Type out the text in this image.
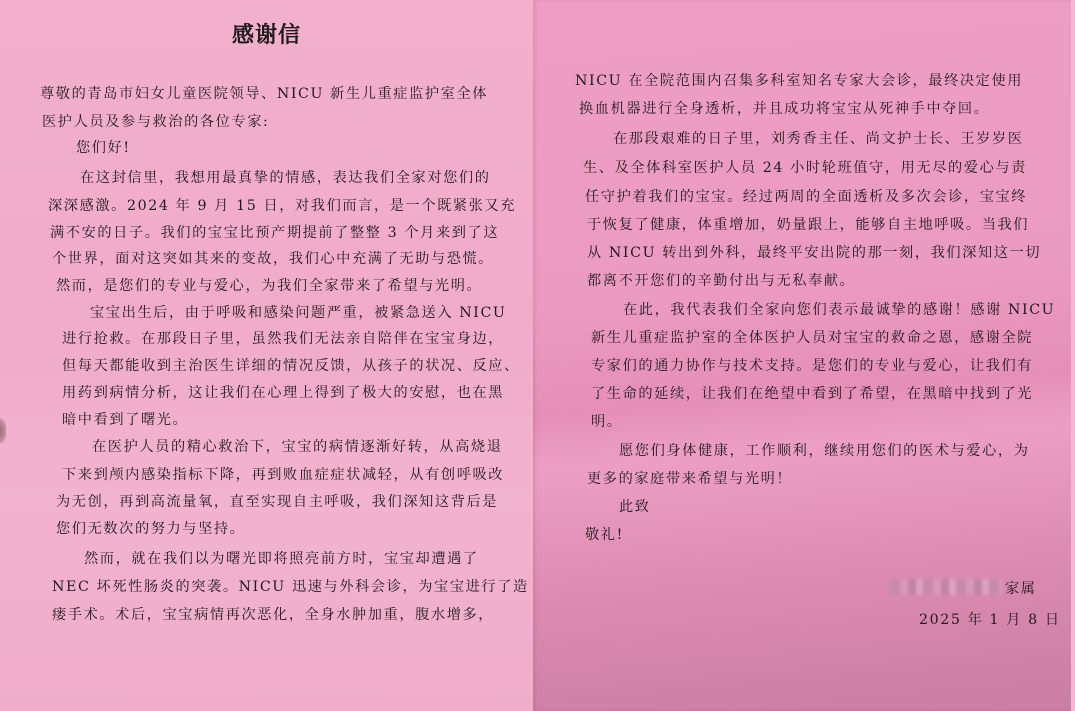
感谢信
尊敬的青岛市妇女儿童医院领导、NICU 新生儿重症监护室全体
医护人员及参与救治的各位专家:
您们好!
在这封信里，我想用最真挚的情感，表达我们全家对您们的
深深感激。2024 年 9 月 15 日，对我们而言，是一个既紧张又充
满不安的日子。我们的宝宝比预产期提前了整整 3 个月来到了这
个世界，面对这突如其来的变故，我们心中充满了无助与恐慌。
然而，是您们的专业与爱心，为我们全家带来了希望与光明。
宝宝出生后，由于呼吸和感染问题严重，被紧急送入 NICU
进行抢救。在那段日子里，虽然我们无法亲自陪伴在宝宝身边，
但每天都能收到主治医生详细的情况反馈，从孩子的状况、反应、
用药到病情分析，这让我们在心理上得到了极大的安慰，也在黑
暗中看到了曙光。
在医护人员的精心救治下，宝宝的病情逐渐好转，从高烧退
下来到颅内感染指标下降，再到败血症症状减轻，从有创呼吸改
为无创，再到高流量氧，直至实现自主呼吸，我们深知这背后是
您们无数次的努力与坚持。
然而，就在我们以为曙光即将照亮前方时，宝宝却遭遇了
NEC 坏死性肠炎的突袭。NICU 迅速与外科会诊，为宝宝进行了造
瘘手术。术后，宝宝病情再次恶化，全身水肿加重，腹水增多，
NICU 在全院范围内召集多科室知名专家大会诊，最终决定使用
换血机器进行全身透析，并且成功将宝宝从死神手中夺回。
在那段艰难的日子里，刘秀香主任、尚文护士长、王岁岁医
生、及全体科室医护人员 24 小时轮班值守，用无尽的爱心与责
任守护着我们的宝宝。经过两周的全面透析及多次会诊，宝宝终
于恢复了健康，体重增加，奶量跟上，能够自主地呼吸。当我们
从 NICU 转出到外科，最终平安出院的那一刻，我们深知这一切
都离不开您们的辛勤付出与无私奉献。
在此，我代表我们全家向您们表示最诚挚的感谢！感谢 NICU
新生儿重症监护室的全体医护人员对宝宝的救命之恩，感谢全院
专家们的通力协作与技术支持。是您们的专业与爱心，让我们有
了生命的延续，让我们在绝望中看到了希望，在黑暗中找到了光
明。
愿您们身体健康，工作顺利，继续用您们的医术与爱心，为
更多的家庭带来希望与光明！
此致
敬礼!
家属
2025 年 1 月 8 日
